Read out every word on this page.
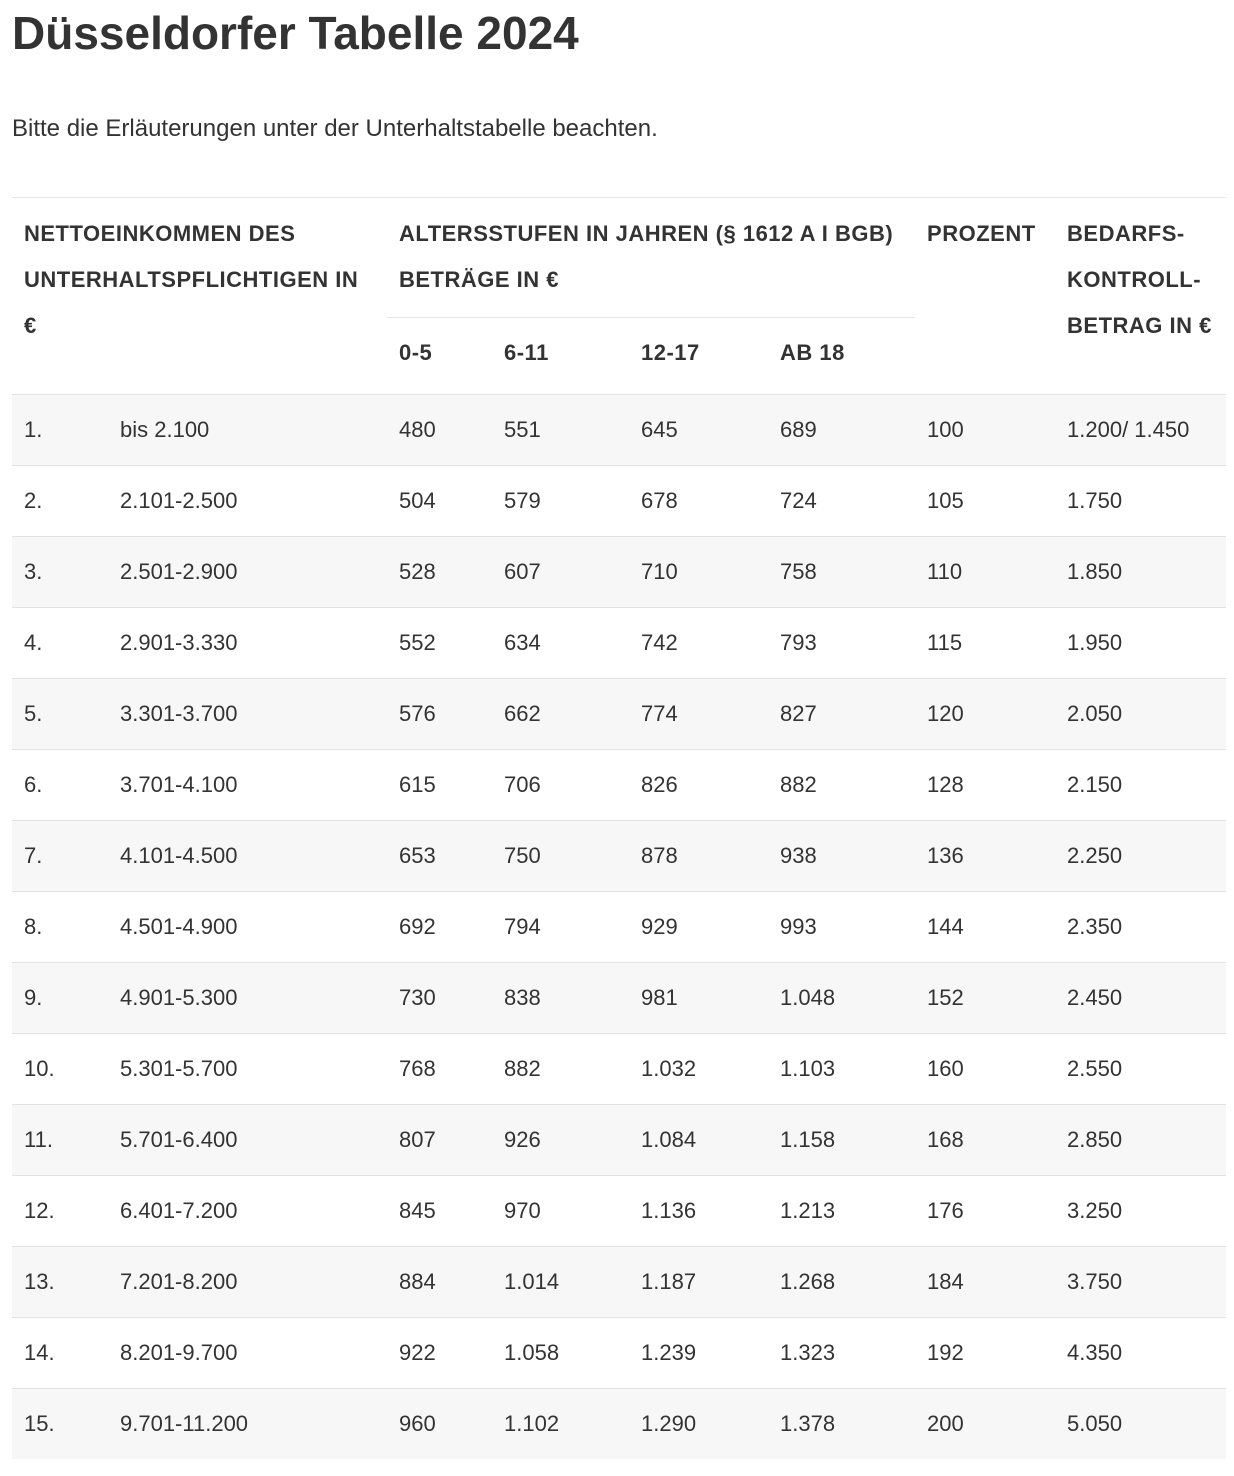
Düsseldorfer Tabelle 2024

Bitte die Erläuterungen unter der Unterhaltstabelle beachten.

NETTOEINKOMMEN DES UNTERHALTSPFLICHTIGEN IN €		ALTERSSTUFEN IN JAHREN (§ 1612 A I BGB) BETRÄGE IN €				PROZENT	BEDARFS-KONTROLL-BETRAG IN €
		0-5	6-11	12-17	AB 18		
1.	bis 2.100	480	551	645	689	100	1.200/ 1.450
2.	2.101-2.500	504	579	678	724	105	1.750
3.	2.501-2.900	528	607	710	758	110	1.850
4.	2.901-3.330	552	634	742	793	115	1.950
5.	3.301-3.700	576	662	774	827	120	2.050
6.	3.701-4.100	615	706	826	882	128	2.150
7.	4.101-4.500	653	750	878	938	136	2.250
8.	4.501-4.900	692	794	929	993	144	2.350
9.	4.901-5.300	730	838	981	1.048	152	2.450
10.	5.301-5.700	768	882	1.032	1.103	160	2.550
11.	5.701-6.400	807	926	1.084	1.158	168	2.850
12.	6.401-7.200	845	970	1.136	1.213	176	3.250
13.	7.201-8.200	884	1.014	1.187	1.268	184	3.750
14.	8.201-9.700	922	1.058	1.239	1.323	192	4.350
15.	9.701-11.200	960	1.102	1.290	1.378	200	5.050
